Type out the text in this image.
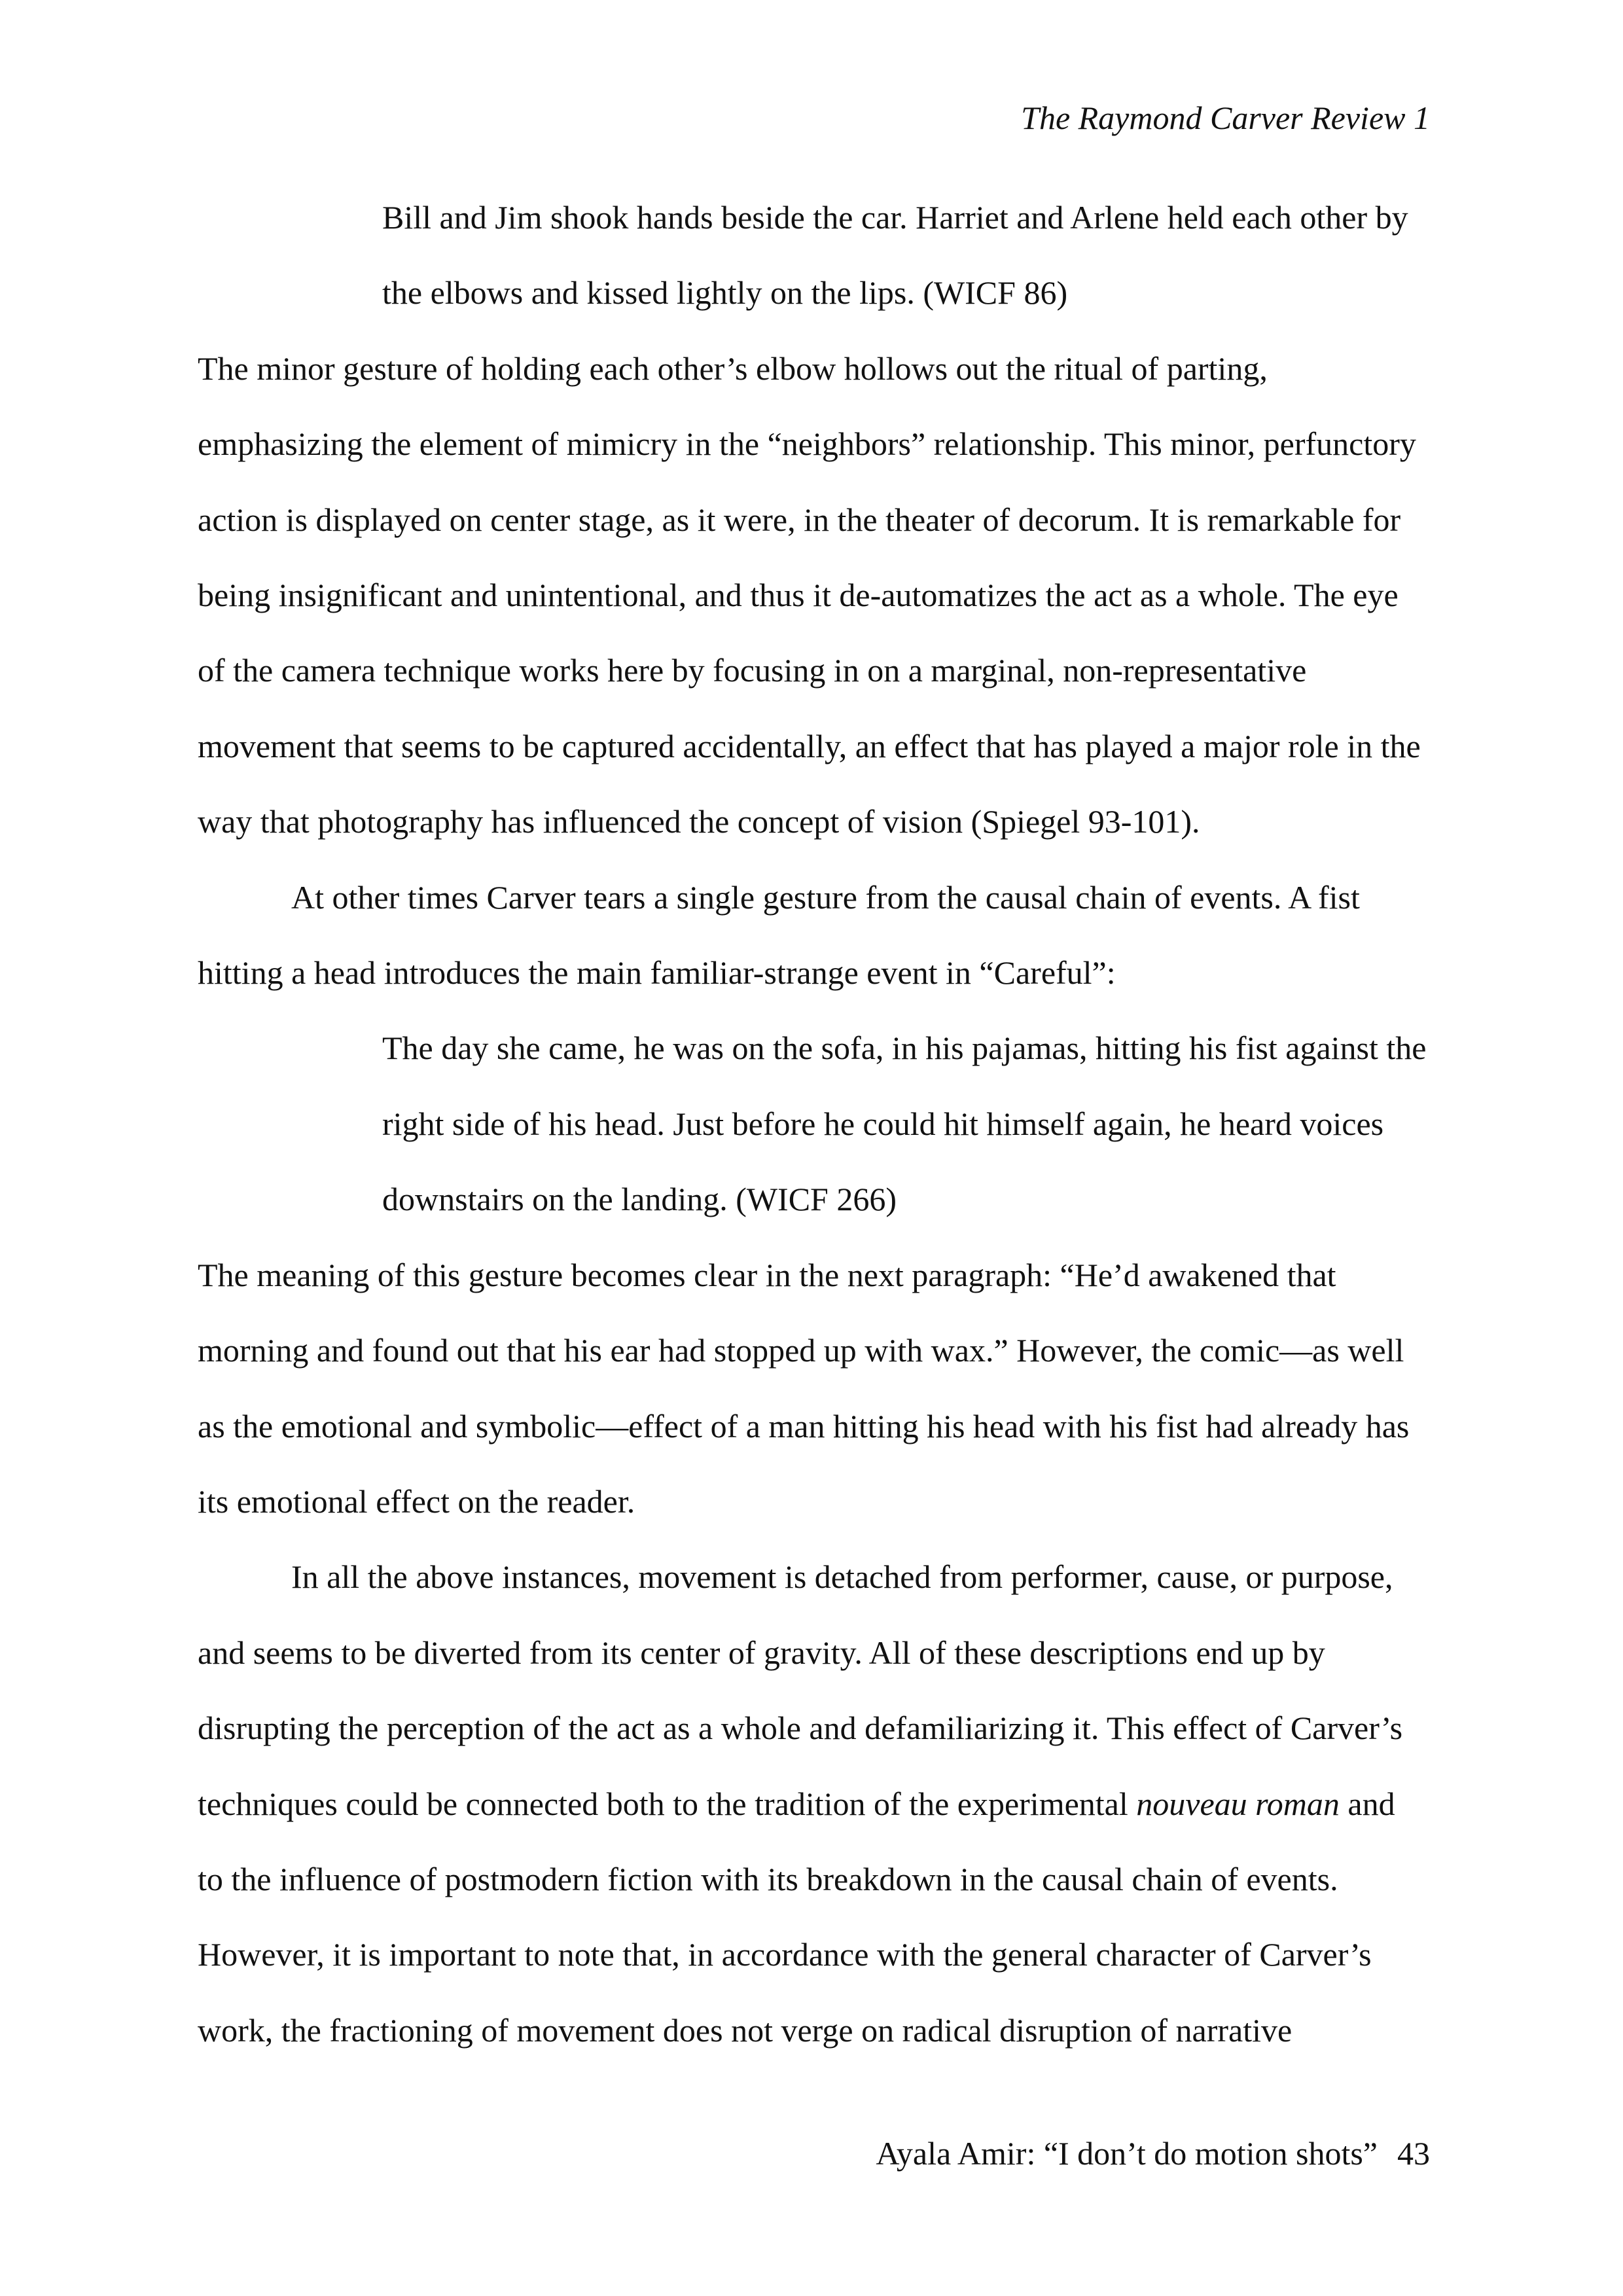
The Raymond Carver Review 1

Bill and Jim shook hands beside the car. Harriet and Arlene held each other by

the elbows and kissed lightly on the lips. (WICF 86)

The minor gesture of holding each other’s elbow hollows out the ritual of parting,

emphasizing the element of mimicry in the “neighbors” relationship. This minor, perfunctory

action is displayed on center stage, as it were, in the theater of decorum. It is remarkable for

being insignificant and unintentional, and thus it de-automatizes the act as a whole. The eye

of the camera technique works here by focusing in on a marginal, non-representative

movement that seems to be captured accidentally, an effect that has played a major role in the

way that photography has influenced the concept of vision (Spiegel 93-101).

At other times Carver tears a single gesture from the causal chain of events. A fist

hitting a head introduces the main familiar-strange event in “Careful”:

The day she came, he was on the sofa, in his pajamas, hitting his fist against the

right side of his head. Just before he could hit himself again, he heard voices

downstairs on the landing. (WICF 266)

The meaning of this gesture becomes clear in the next paragraph: “He’d awakened that

morning and found out that his ear had stopped up with wax.” However, the comic—as well

as the emotional and symbolic—effect of a man hitting his head with his fist had already has

its emotional effect on the reader.

In all the above instances, movement is detached from performer, cause, or purpose,

and seems to be diverted from its center of gravity. All of these descriptions end up by

disrupting the perception of the act as a whole and defamiliarizing it. This effect of Carver’s

techniques could be connected both to the tradition of the experimental nouveau roman and

to the influence of postmodern fiction with its breakdown in the causal chain of events.

However, it is important to note that, in accordance with the general character of Carver’s

work, the fractioning of movement does not verge on radical disruption of narrative

Ayala Amir: “I don’t do motion shots” 43
